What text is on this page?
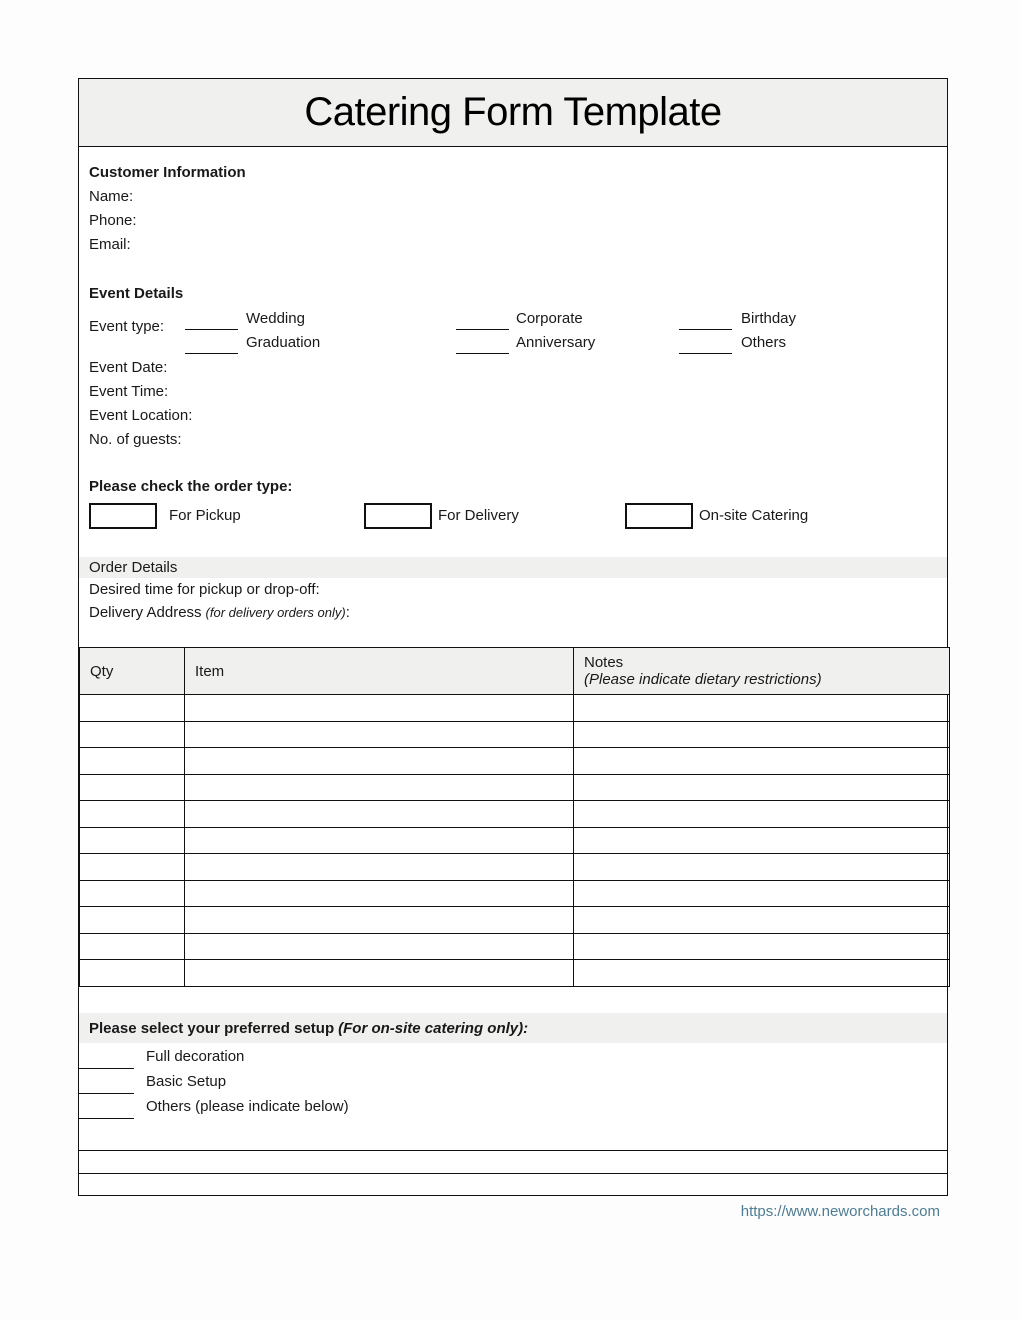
Catering Form Template
Customer Information
Name:
Phone:
Email:
Event Details
Event type:	Wedding	Corporate	Birthday
Graduation	Anniversary	Others
Event Date:
Event Time:
Event Location:
No. of guests:
Please check the order type:
For Pickup	For Delivery	On-site Catering
Order Details
Desired time for pickup or drop-off:
Delivery Address (for delivery orders only):
Qty	Item	Notes
(Please indicate dietary restrictions)

Please select your preferred setup (For on-site catering only):
Full decoration
Basic Setup
Others (please indicate below)
https://www.neworchards.com
